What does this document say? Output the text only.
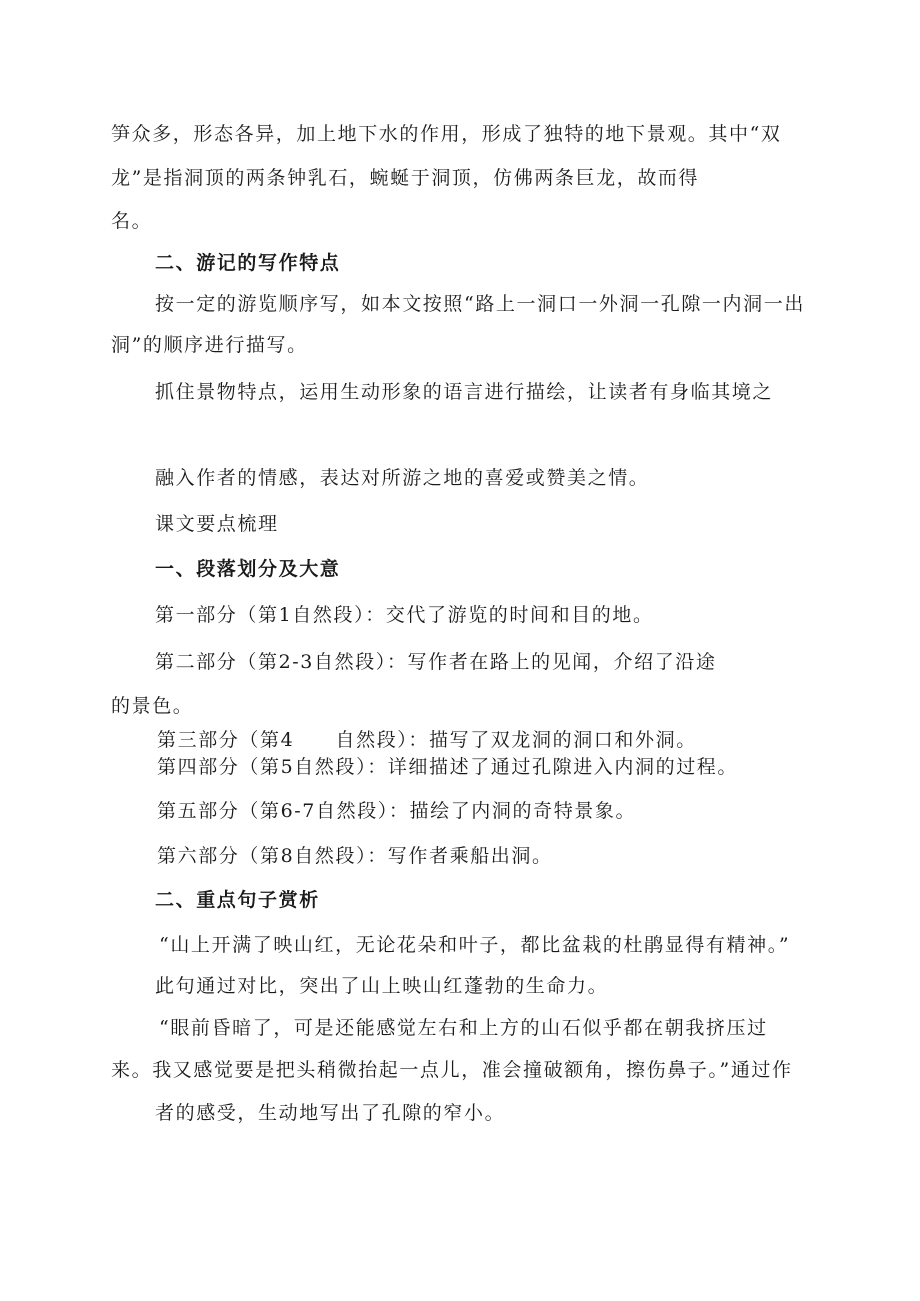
笋众多，形态各异，加上地下水的作用，形成了独特的地下景观。其中“双
龙”是指洞顶的两条钟乳石，蜿蜒于洞顶，仿佛两条巨龙，故而得
名。
二、游记的写作特点
按一定的游览顺序写，如本文按照“路上一洞口一外洞一孔隙一内洞一出
洞”的顺序进行描写。
抓住景物特点，运用生动形象的语言进行描绘，让读者有身临其境之
融入作者的情感，表达对所游之地的喜爱或赞美之情。
课文要点梳理
一、段落划分及大意
第一部分（第1自然段）：交代了游览的时间和目的地。
第二部分（第2-3自然段）：写作者在路上的见闻，介绍了沿途
的景色。
第三部分（第4　　自然段）：描写了双龙洞的洞口和外洞。
第四部分（第5自然段）：详细描述了通过孔隙进入内洞的过程。
第五部分（第6-7自然段）：描绘了内洞的奇特景象。
第六部分（第8自然段）：写作者乘船出洞。
二、重点句子赏析
“山上开满了映山红，无论花朵和叶子，都比盆栽的杜鹃显得有精神。”
此句通过对比，突出了山上映山红蓬勃的生命力。
“眼前昏暗了，可是还能感觉左右和上方的山石似乎都在朝我挤压过
来。我又感觉要是把头稍微抬起一点儿，准会撞破额角，擦伤鼻子。”通过作
者的感受，生动地写出了孔隙的窄小。
